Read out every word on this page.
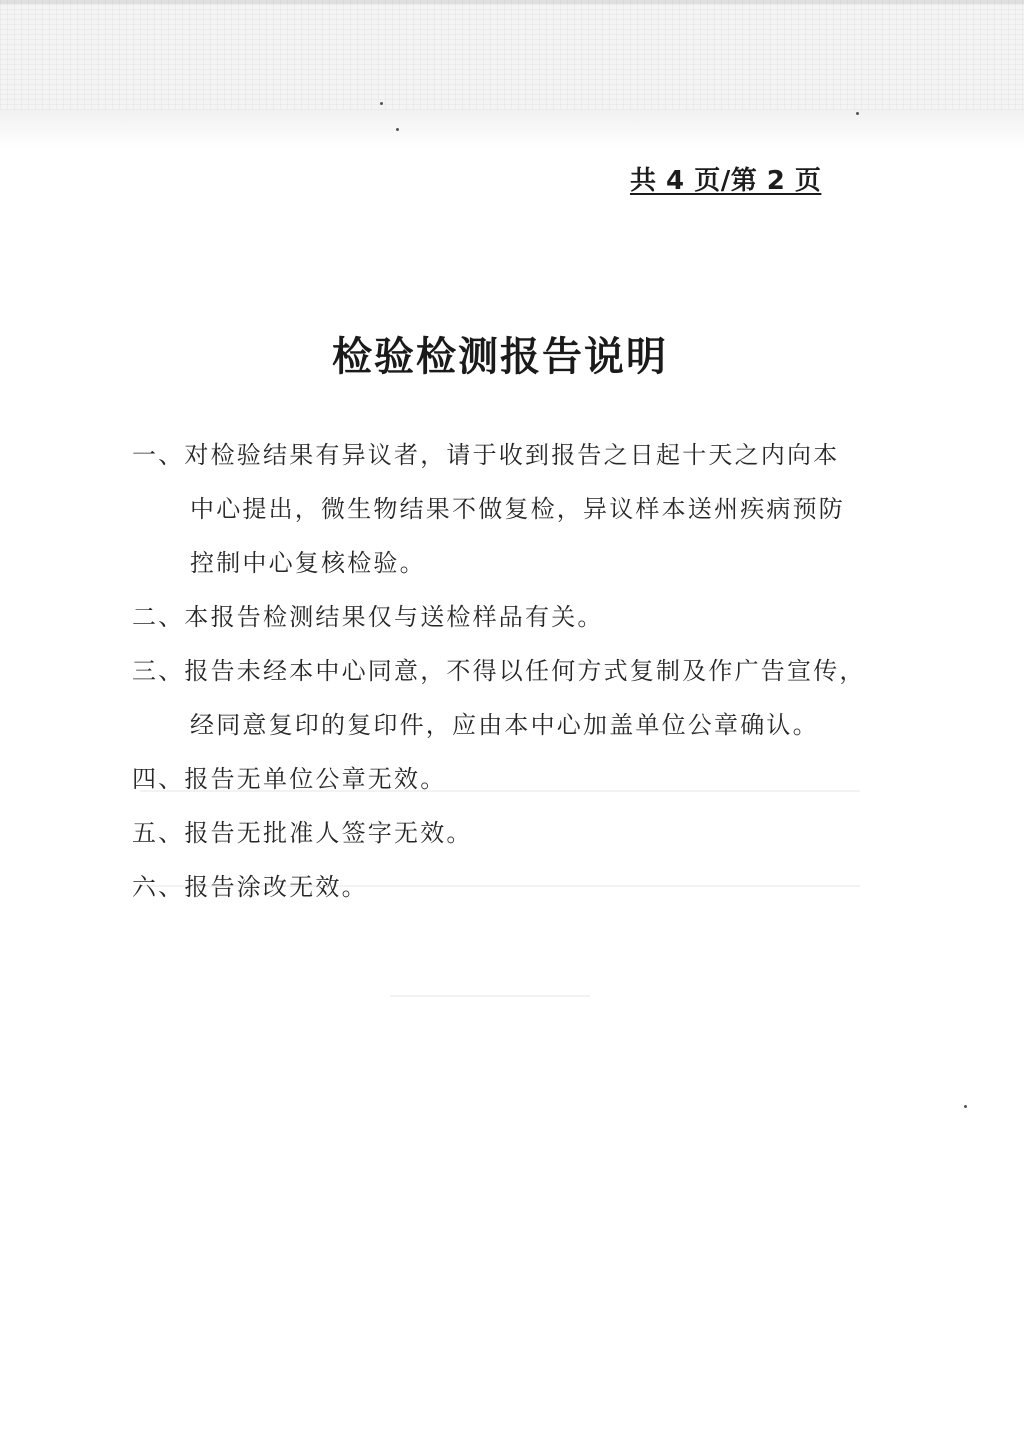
共 4 页/第 2 页
检验检测报告说明
一、对检验结果有异议者，请于收到报告之日起十天之内向本
中心提出，微生物结果不做复检，异议样本送州疾病预防
控制中心复核检验。
二、本报告检测结果仅与送检样品有关。
三、报告未经本中心同意，不得以任何方式复制及作广告宣传，
经同意复印的复印件，应由本中心加盖单位公章确认。
四、报告无单位公章无效。
五、报告无批准人签字无效。
六、报告涂改无效。
